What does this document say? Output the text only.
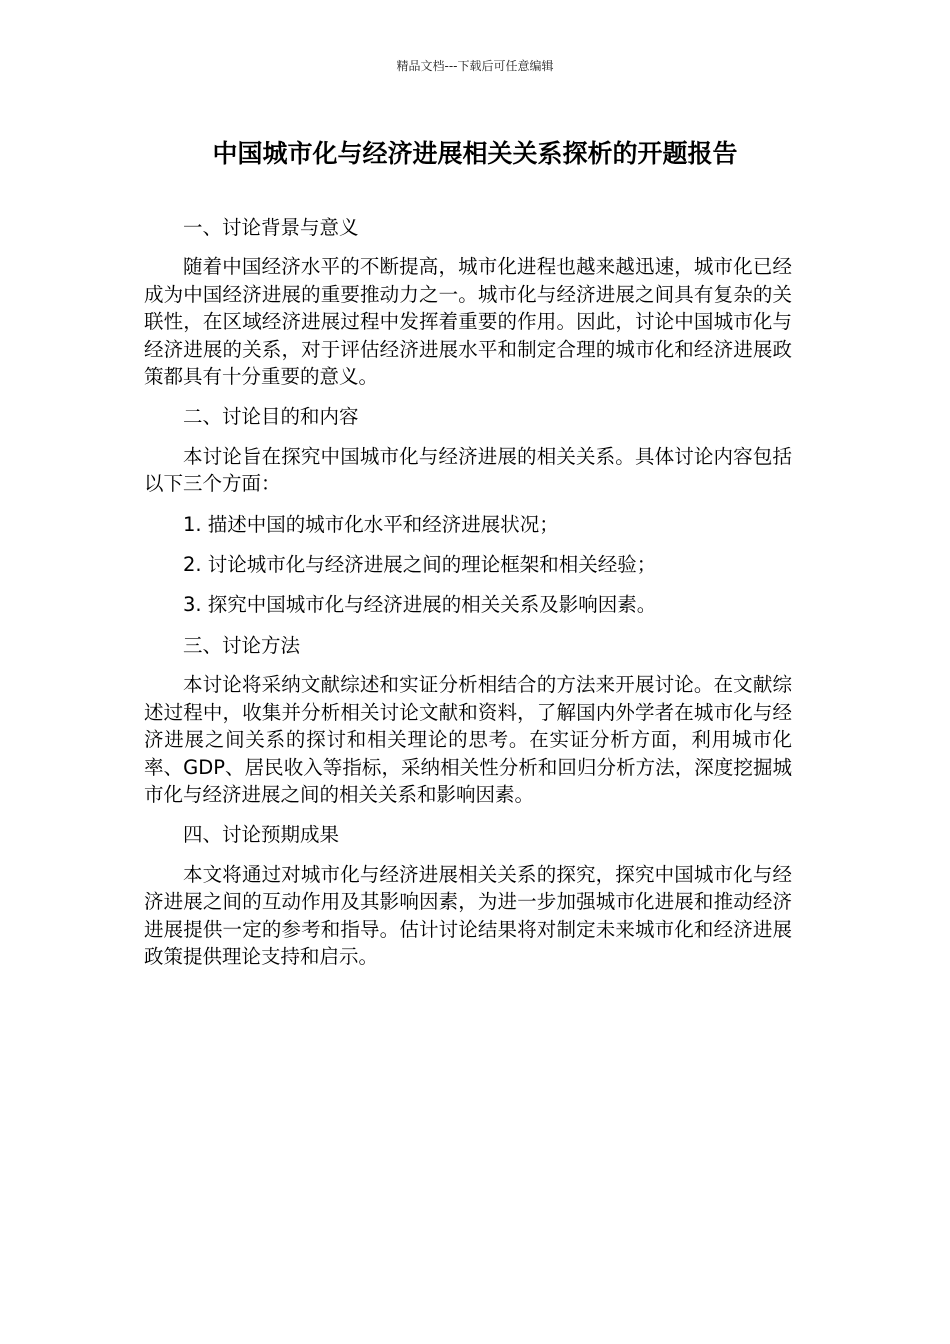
精品文档---下载后可任意编辑
中国城市化与经济进展相关关系探析的开题报告

一、讨论背景与意义

随着中国经济水平的不断提高，城市化进程也越来越迅速，城市化已经成为中国经济进展的重要推动力之一。城市化与经济进展之间具有复杂的关联性，在区域经济进展过程中发挥着重要的作用。因此，讨论中国城市化与经济进展的关系，对于评估经济进展水平和制定合理的城市化和经济进展政策都具有十分重要的意义。

二、讨论目的和内容

本讨论旨在探究中国城市化与经济进展的相关关系。具体讨论内容包括以下三个方面：

1. 描述中国的城市化水平和经济进展状况；

2. 讨论城市化与经济进展之间的理论框架和相关经验；

3. 探究中国城市化与经济进展的相关关系及影响因素。

三、讨论方法

本讨论将采纳文献综述和实证分析相结合的方法来开展讨论。在文献综述过程中，收集并分析相关讨论文献和资料，了解国内外学者在城市化与经济进展之间关系的探讨和相关理论的思考。在实证分析方面，利用城市化率、GDP、居民收入等指标，采纳相关性分析和回归分析方法，深度挖掘城市化与经济进展之间的相关关系和影响因素。

四、讨论预期成果

本文将通过对城市化与经济进展相关关系的探究，探究中国城市化与经济进展之间的互动作用及其影响因素，为进一步加强城市化进展和推动经济进展提供一定的参考和指导。估计讨论结果将对制定未来城市化和经济进展政策提供理论支持和启示。
